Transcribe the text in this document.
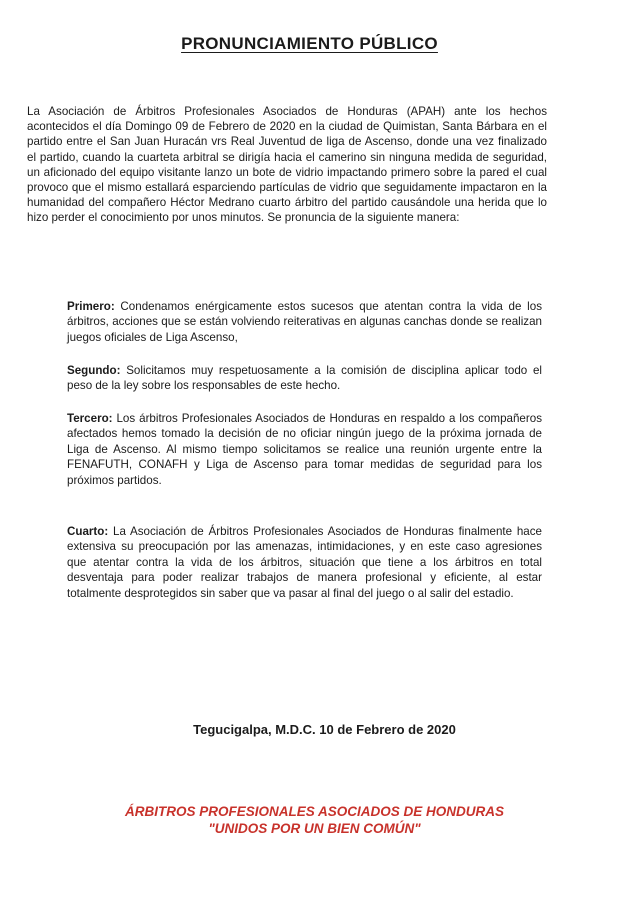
PRONUNCIAMIENTO PÚBLICO
La Asociación de Árbitros Profesionales Asociados de Honduras (APAH) ante los hechos acontecidos el día Domingo 09 de Febrero de 2020 en la ciudad de Quimistan, Santa Bárbara en el partido entre el San Juan Huracán vrs Real Juventud de liga de Ascenso, donde una vez finalizado el partido, cuando la cuarteta arbitral se dirigía hacia el camerino sin ninguna medida de seguridad, un aficionado del equipo visitante lanzo un bote de vidrio impactando primero sobre la pared el cual provoco que el mismo estallará esparciendo partículas de vidrio que seguidamente impactaron en la humanidad del compañero Héctor Medrano cuarto árbitro del partido causándole una herida que lo hizo perder el conocimiento por unos minutos. Se pronuncia de la siguiente manera:
Primero: Condenamos enérgicamente estos sucesos que atentan contra la vida de los árbitros, acciones que se están volviendo reiterativas en algunas canchas donde se realizan juegos oficiales de Liga Ascenso,
Segundo: Solicitamos muy respetuosamente a la comisión de disciplina aplicar todo el peso de la ley sobre los responsables de este hecho.
Tercero: Los árbitros Profesionales Asociados de Honduras en respaldo a los compañeros afectados hemos tomado la decisión de no oficiar ningún juego de la próxima jornada de Liga de Ascenso. Al mismo tiempo solicitamos se realice una reunión urgente entre la FENAFUTH, CONAFH y Liga de Ascenso para tomar medidas de seguridad para los próximos partidos.
Cuarto: La Asociación de Árbitros Profesionales Asociados de Honduras finalmente hace extensiva su preocupación por las amenazas, intimidaciones, y en este caso agresiones que atentar contra la vida de los árbitros, situación que tiene a los árbitros en total desventaja para poder realizar trabajos de manera profesional y eficiente, al estar totalmente desprotegidos sin saber que va pasar al final del juego o al salir del estadio.
Tegucigalpa, M.D.C. 10 de Febrero de 2020
ÁRBITROS PROFESIONALES ASOCIADOS DE HONDURAS
"UNIDOS POR UN BIEN COMÚN"
